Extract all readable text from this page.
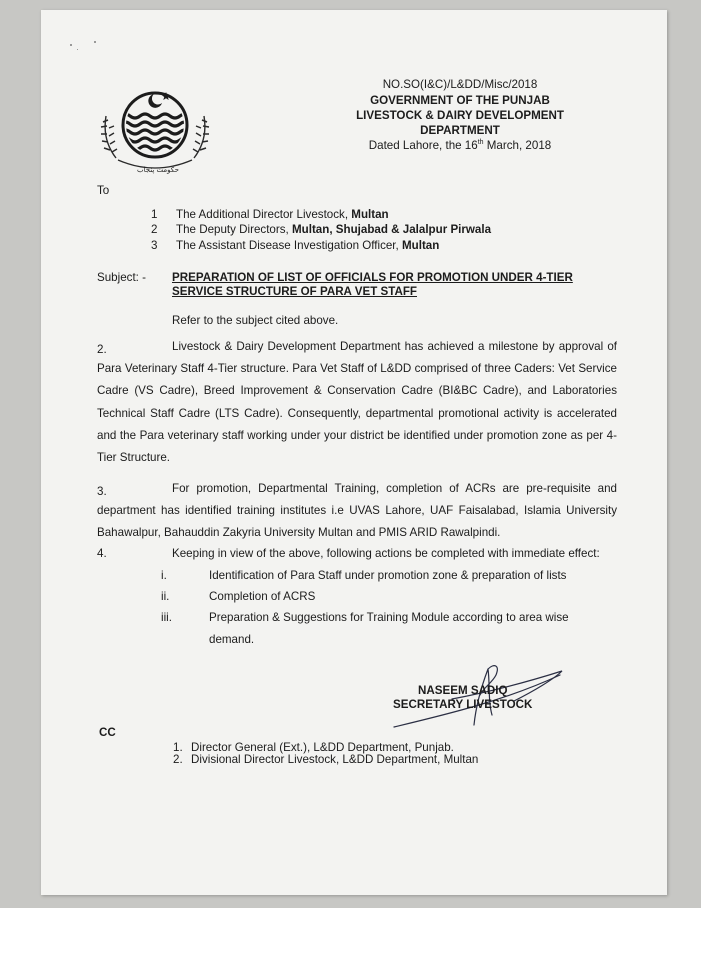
حکومت پنجاب
NO.SO(I&C)/L&DD/Misc/2018
GOVERNMENT OF THE PUNJAB
LIVESTOCK & DAIRY DEVELOPMENT
DEPARTMENT
Dated Lahore, the 16th March, 2018
To
1 The Additional Director Livestock, Multan
2 The Deputy Directors, Multan, Shujabad & Jalalpur Pirwala
3 The Assistant Disease Investigation Officer, Multan
Subject: - PREPARATION OF LIST OF OFFICIALS FOR PROMOTION UNDER 4-TIER
SERVICE STRUCTURE OF PARA VET STAFF
Refer to the subject cited above.
2.	Livestock & Dairy Development Department has achieved a milestone by approval of Para Veterinary Staff 4-Tier structure. Para Vet Staff of L&DD comprised of three Caders: Vet Service Cadre (VS Cadre), Breed Improvement & Conservation Cadre (BI&BC Cadre), and Laboratories Technical Staff Cadre (LTS Cadre). Consequently, departmental promotional activity is accelerated and the Para veterinary staff working under your district be identified under promotion zone as per 4-Tier Structure.
3.	For promotion, Departmental Training, completion of ACRs are pre-requisite and department has identified training institutes i.e UVAS Lahore, UAF Faisalabad, Islamia University Bahawalpur, Bahauddin Zakyria University Multan and PMIS ARID Rawalpindi.
4.	Keeping in view of the above, following actions be completed with immediate effect:
i.	Identification of Para Staff under promotion zone & preparation of lists
ii.	Completion of ACRS
iii.	Preparation & Suggestions for Training Module according to area wise demand.
NASEEM SADIQ
SECRETARY LIVESTOCK
CC
1. Director General (Ext.), L&DD Department, Punjab.
2. Divisional Director Livestock, L&DD Department, Multan
